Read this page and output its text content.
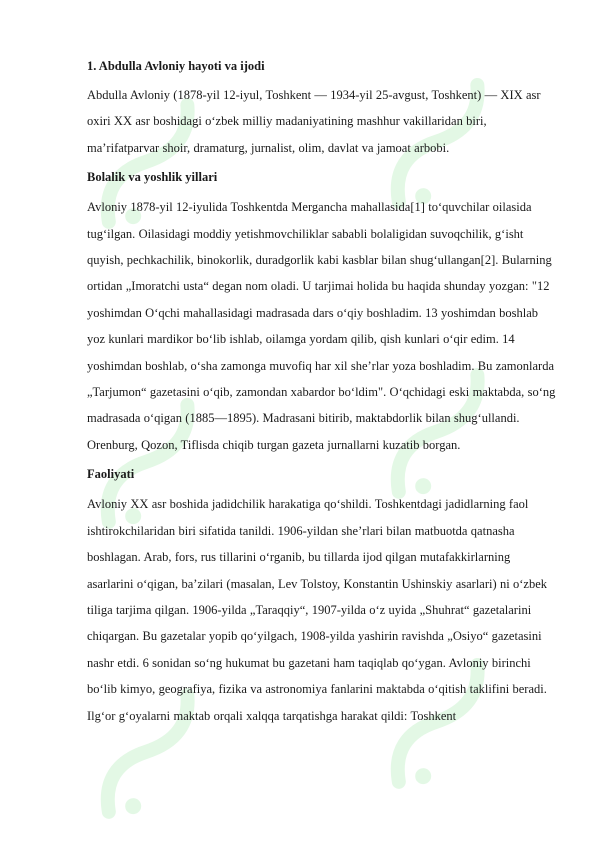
1. Abdulla Avloniy hayoti va ijodi

Abdulla Avloniy (1878-yil 12-iyul, Toshkent — 1934-yil 25-avgust, Toshkent) — XIX asr oxiri XX asr boshidagi oʻzbek milliy madaniyatining mashhur vakillaridan biri, maʼrifatparvar shoir, dramaturg, jurnalist, olim, davlat va jamoat arbobi.

Bolalik va yoshlik yillari

Avloniy 1878-yil 12-iyulida Toshkentda Mergancha mahallasida[1] toʻquvchilar oilasida tugʻilgan. Oilasidagi moddiy yetishmovchiliklar sababli bolaligidan suvoqchilik, gʻisht quyish, pechkachilik, binokorlik, duradgorlik kabi kasblar bilan shugʻullangan[2]. Bularning ortidan „Imoratchi usta“ degan nom oladi. U tarjimai holida bu haqida shunday yozgan: "12 yoshimdan Oʻqchi mahallasidagi madrasada dars oʻqiy boshladim. 13 yoshimdan boshlab yoz kunlari mardikor boʻlib ishlab, oilamga yordam qilib, qish kunlari oʻqir edim. 14 yoshimdan boshlab, oʻsha zamonga muvofiq har xil sheʼrlar yoza boshladim. Bu zamonlarda „Tarjumon“ gazetasini oʻqib, zamondan xabardor boʻldim". Oʻqchidagi eski maktabda, soʻng madrasada oʻqigan (1885—1895). Madrasani bitirib, maktabdorlik bilan shugʻullandi. Orenburg, Qozon, Tiflisda chiqib turgan gazeta jurnallarni kuzatib borgan.

Faoliyati

Avloniy XX asr boshida jadidchilik harakatiga qoʻshildi. Toshkentdagi jadidlarning faol ishtirokchilaridan biri sifatida tanildi. 1906-yildan sheʼrlari bilan matbuotda qatnasha boshlagan. Arab, fors, rus tillarini oʻrganib, bu tillarda ijod qilgan mutafakkirlarning asarlarini oʻqigan, baʼzilari (masalan, Lev Tolstoy, Konstantin Ushinskiy asarlari) ni oʻzbek tiliga tarjima qilgan. 1906-yilda „Taraqqiy“, 1907-yilda oʻz uyida „Shuhrat“ gazetalarini chiqargan. Bu gazetalar yopib qoʻyilgach, 1908-yilda yashirin ravishda „Osiyo“ gazetasini nashr etdi. 6 sonidan soʻng hukumat bu gazetani ham taqiqlab qoʻygan. Avloniy birinchi boʻlib kimyo, geografiya, fizika va astronomiya fanlarini maktabda oʻqitish taklifini beradi. Ilgʻor gʻoyalarni maktab orqali xalqqa tarqatishga harakat qildi: Toshkent
